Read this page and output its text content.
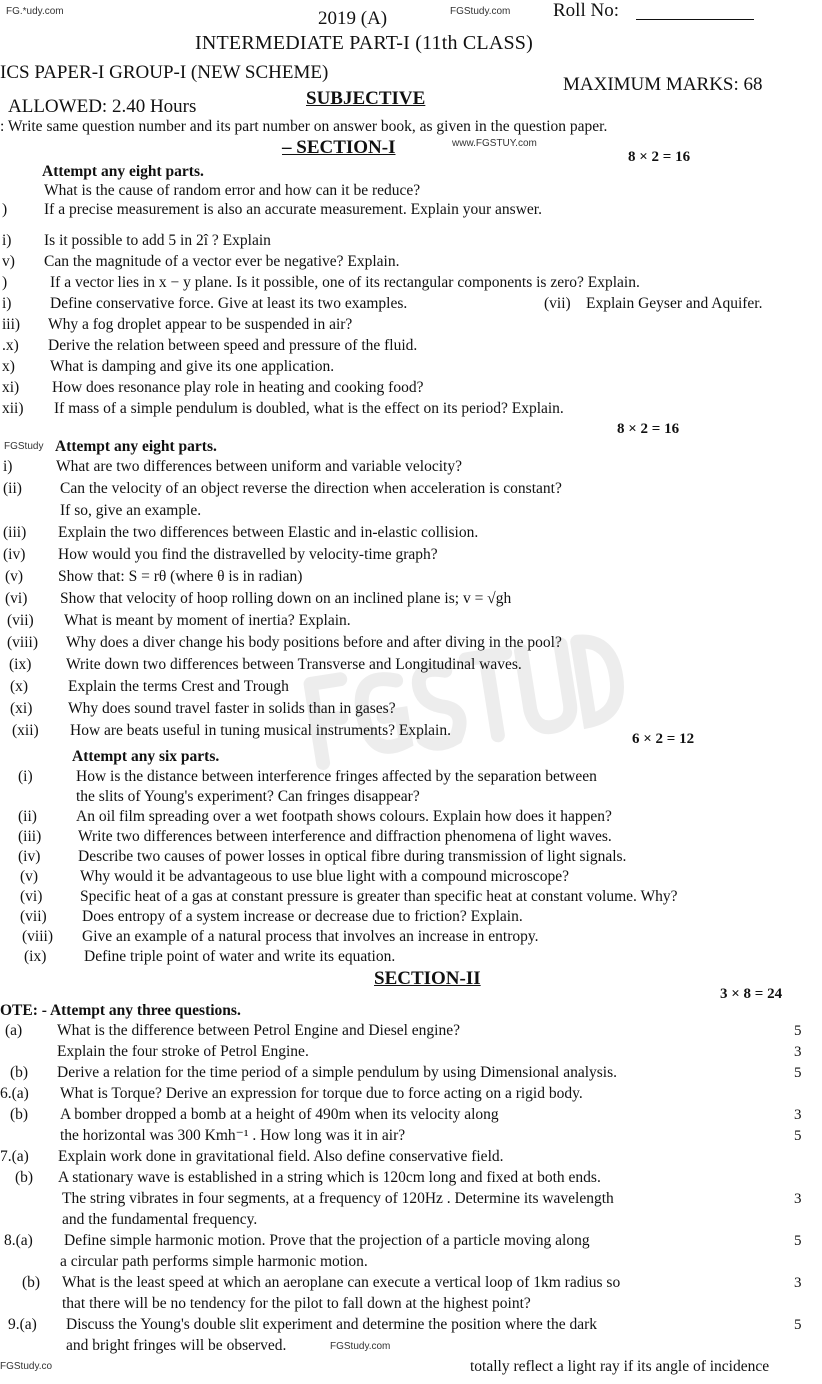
FG.*udy.com	2019 (A)	FGStudy.com Roll No:
INTERMEDIATE PART-I (11th CLASS)
ICS PAPER-I GROUP-I (NEW SCHEME)
MAXIMUM MARKS: 68
SUBJECTIVE
ALLOWED: 2.40 Hours
: Write same question number and its part number on answer book, as given in the question paper.
www.FGSTUY.com
– SECTION-I	8 × 2 = 16
Attempt any eight parts.
8 × 2 = 16
FGStudy Attempt any eight parts.
6 × 2 = 12
Attempt any six parts.
SECTION-II
3 × 8 = 24
OTE: - Attempt any three questions.
FGStudy.co
FGStudy.com
What is the cause of random error and how can it be reduce?
) If a precise measurement is also an accurate measurement. Explain your answer.
i) Is it possible to add 5 in 2î ? Explain
v) Can the magnitude of a vector ever be negative? Explain.
)	If a vector lies in x − y plane. Is it possible, one of its rectangular components is zero? Explain.
i) Define conservative force. Give at least its two examples.	(vii) Explain Geyser and Aquifer.
iii) Why a fog droplet appear to be suspended in air?
.x) Derive the relation between speed and pressure of the fluid.
x) What is damping and give its one application.
xi) How does resonance play role in heating and cooking food?
xii) If mass of a simple pendulum is doubled, what is the effect on its period? Explain.
i)	What are two differences between uniform and variable velocity?
(ii) Can the velocity of an object reverse the direction when acceleration is constant?
If so, give an example.
(iii) Explain the two differences between Elastic and in-elastic collision.
(iv) How would you find the distravelled by velocity-time graph?
(v) Show that: S = rθ (where θ is in radian)
(vi) Show that velocity of hoop rolling down on an inclined plane is; v = √gh
(vii) What is meant by moment of inertia? Explain.
(viii) Why does a diver change his body positions before and after diving in the pool?
(ix) Write down two differences between Transverse and Longitudinal waves.
(x)	Explain the terms Crest and Trough
(xi) Why does sound travel faster in solids than in gases?
(xii) How are beats useful in tuning musical instruments? Explain.
(i)	How is the distance between interference fringes affected by the separation between
the slits of Young's experiment? Can fringes disappear?
(ii)	An oil film spreading over a wet footpath shows colours. Explain how does it happen?
(iii) Write two differences between interference and diffraction phenomena of light waves.
(iv) Describe two causes of power losses in optical fibre during transmission of light signals.
(v)	Why would it be advantageous to use blue light with a compound microscope?
(vi) Specific heat of a gas at constant pressure is greater than specific heat at constant volume. Why?
(vii) Does entropy of a system increase or decrease due to friction? Explain.
(viii) Give an example of a natural process that involves an increase in entropy.
(ix) Define triple point of water and write its equation.
(a) What is the difference between Petrol Engine and Diesel engine?	5
Explain the four stroke of Petrol Engine.	3
(b) Derive a relation for the time period of a simple pendulum by using Dimensional analysis.	5
6.(a) What is Torque? Derive an expression for torque due to force acting on a rigid body.
(b) A bomber dropped a bomb at a height of 490m when its velocity along	3
the horizontal was 300 Kmh⁻¹ . How long was it in air?	5
7.(a) Explain work done in gravitational field. Also define conservative field.
(b) A stationary wave is established in a string which is 120cm long and fixed at both ends.
The string vibrates in four segments, at a frequency of 120Hz . Determine its wavelength	3
and the fundamental frequency.
8.(a) Define simple harmonic motion. Prove that the projection of a particle moving along	5
a circular path performs simple harmonic motion.
(b) What is the least speed at which an aeroplane can execute a vertical loop of 1km radius so	3
that there will be no tendency for the pilot to fall down at the highest point?
9.(a) Discuss the Young's double slit experiment and determine the position where the dark	5
and bright fringes will be observed.
totally reflect a light ray if its angle of incidence
